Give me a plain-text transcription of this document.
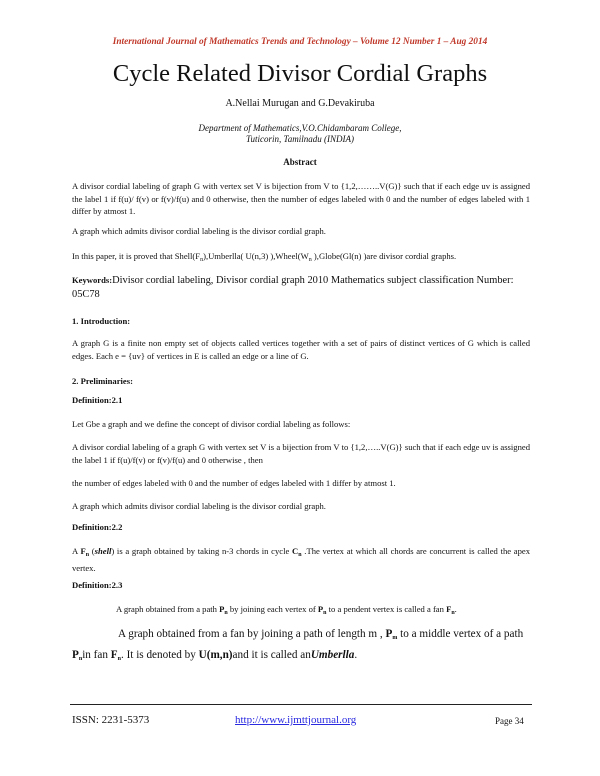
International Journal of Mathematics Trends and Technology – Volume 12 Number 1 – Aug 2014
Cycle Related Divisor Cordial Graphs
A.Nellai Murugan and G.Devakiruba
Department of Mathematics,V.O.Chidambaram College,
Tuticorin, Tamilnadu (INDIA)
Abstract
A divisor cordial labeling of graph G with vertex set V is bijection from V to {1,2,……..V(G)} such that if each edge uv is assigned the label 1 if f(u)/ f(v) or f(v)/f(u) and 0 otherwise, then the number of edges labeled with 0 and the number of edges labeled with 1 differ by atmost 1.
A graph which admits divisor cordial labeling is the divisor cordial graph.
In this paper, it is proved that $Shell(F_n),Umberlla$( U(n,3) )$,Wheel(W_n$ ),Globe(Gl(n) )are divisor cordial graphs.
Keywords:Divisor cordial labeling, Divisor cordial graph 2010 Mathematics subject classification Number: 05C78
1. Introduction:
A graph G is a finite non empty set of objects called vertices together with a set of pairs of distinct vertices of G which is called edges. Each e = {uv} of vertices in E is called an edge or a line of G.
2. Preliminaries:
Definition:2.1
Let Gbe a graph and we define the concept of divisor cordial labeling as follows:
A divisor cordial labeling of a graph G with vertex set V is a bijection from V to {1,2,…..V(G)} such that if each edge uv is assigned the label 1 if f(u)/f(v) or f(v)/f(u) and 0 otherwise , then
the number of edges labeled with 0 and the number of edges labeled with 1 differ by atmost 1.
A graph which admits divisor cordial labeling is the divisor cordial graph.
Definition:2.2
A $F_n$ (shell) is a graph obtained by taking n-3 chords in cycle $C_n$ .The vertex at which all chords are concurrent is called the apex vertex.
Definition:2.3
A graph obtained from a path $P_n$ by joining each vertex of $P_n$ to a pendent vertex is called a fan $F_n$.
A graph obtained from a fan by joining a path of length m , $P_m$ to a middle vertex of a path $P_nin$ fan $F_n$. It is denoted by U(m,n)and it is called anUmberlla.
ISSN: 2231-5373	http://www.ijmttjournal.org	Page 34
